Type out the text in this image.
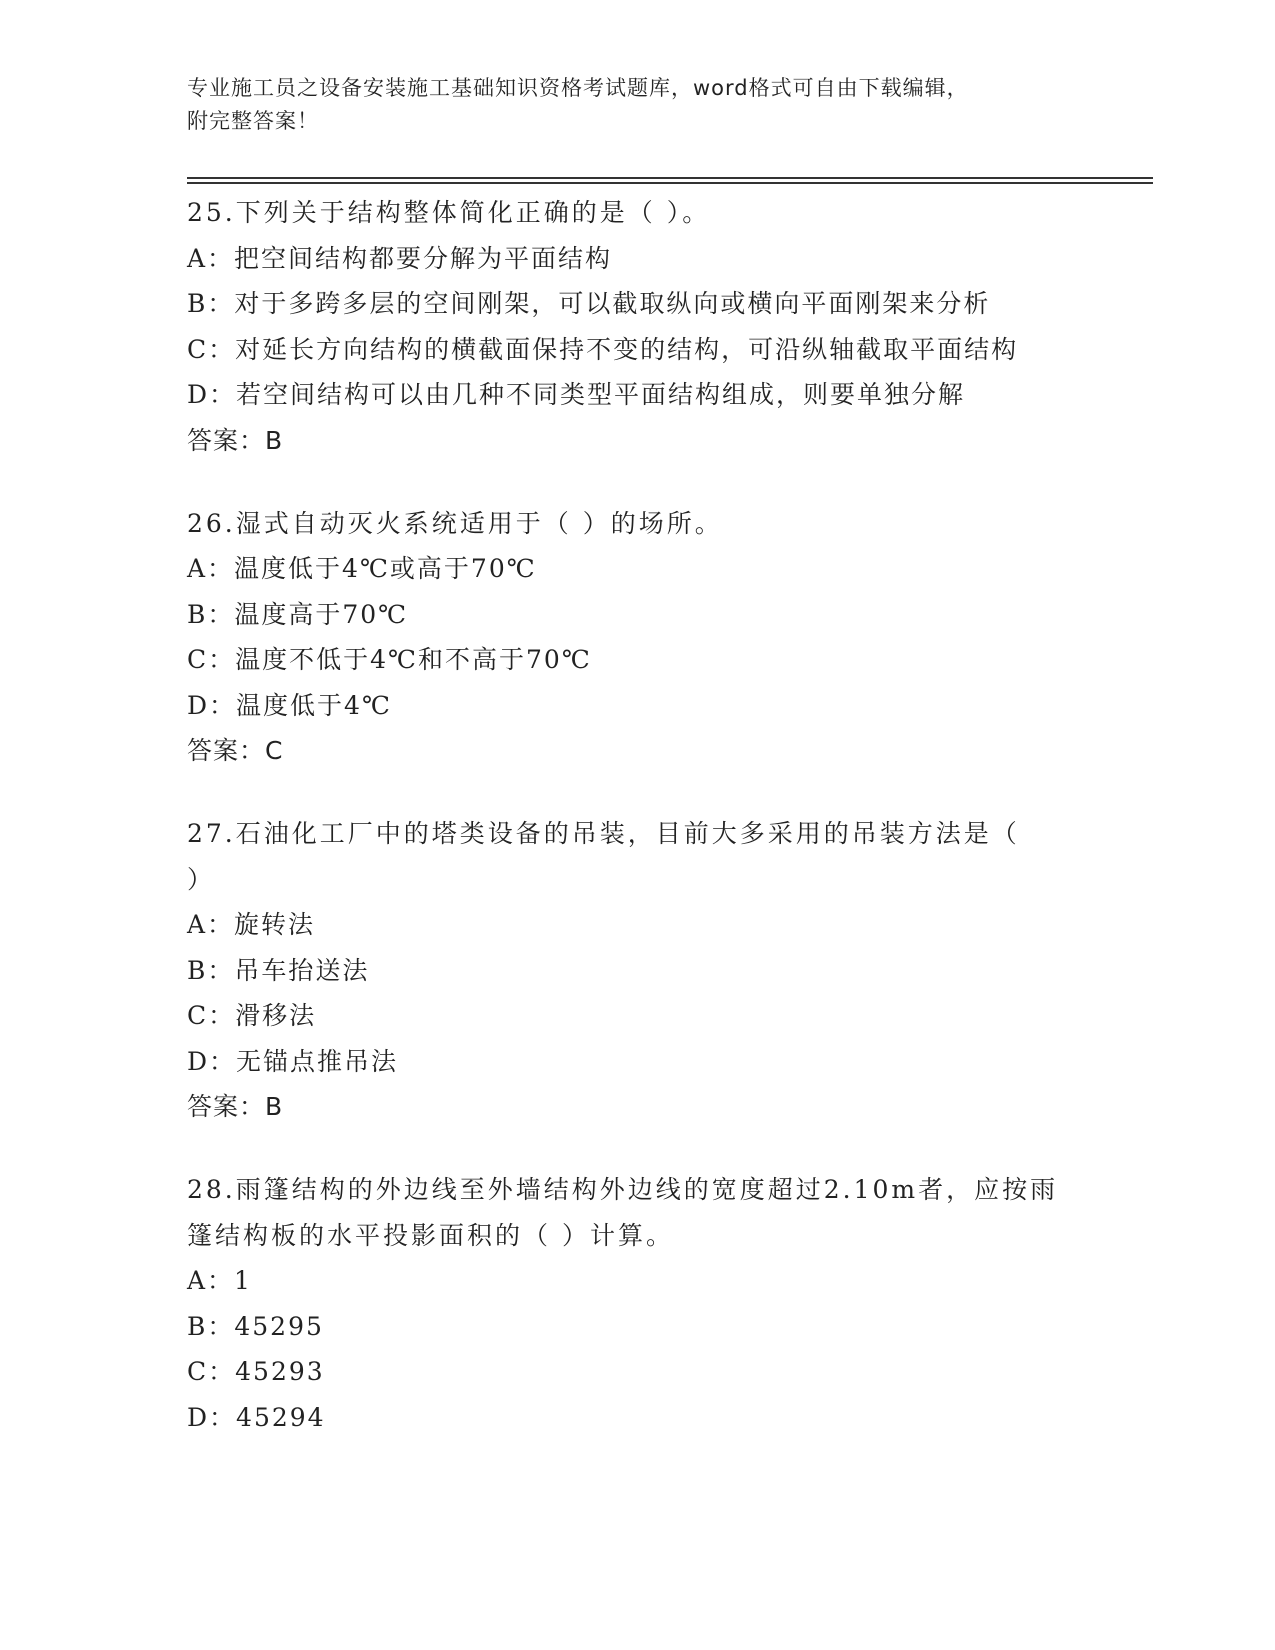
专业施工员之设备安装施工基础知识资格考试题库，word格式可自由下载编辑，
附完整答案！
25.下列关于结构整体简化正确的是（ ）。
A：把空间结构都要分解为平面结构
B：对于多跨多层的空间刚架，可以截取纵向或横向平面刚架来分析
C：对延长方向结构的横截面保持不变的结构，可沿纵轴截取平面结构
D：若空间结构可以由几种不同类型平面结构组成，则要单独分解
答案：B
26.湿式自动灭火系统适用于（ ）的场所。
A：温度低于4℃或高于70℃
B：温度高于70℃
C：温度不低于4℃和不高于70℃
D：温度低于4℃
答案：C
27.石油化工厂中的塔类设备的吊装，目前大多采用的吊装方法是（
）
A：旋转法
B：吊车抬送法
C：滑移法
D：无锚点推吊法
答案：B
28.雨篷结构的外边线至外墙结构外边线的宽度超过2.10m者，应按雨
篷结构板的水平投影面积的（ ）计算。
A：1
B：45295
C：45293
D：45294
